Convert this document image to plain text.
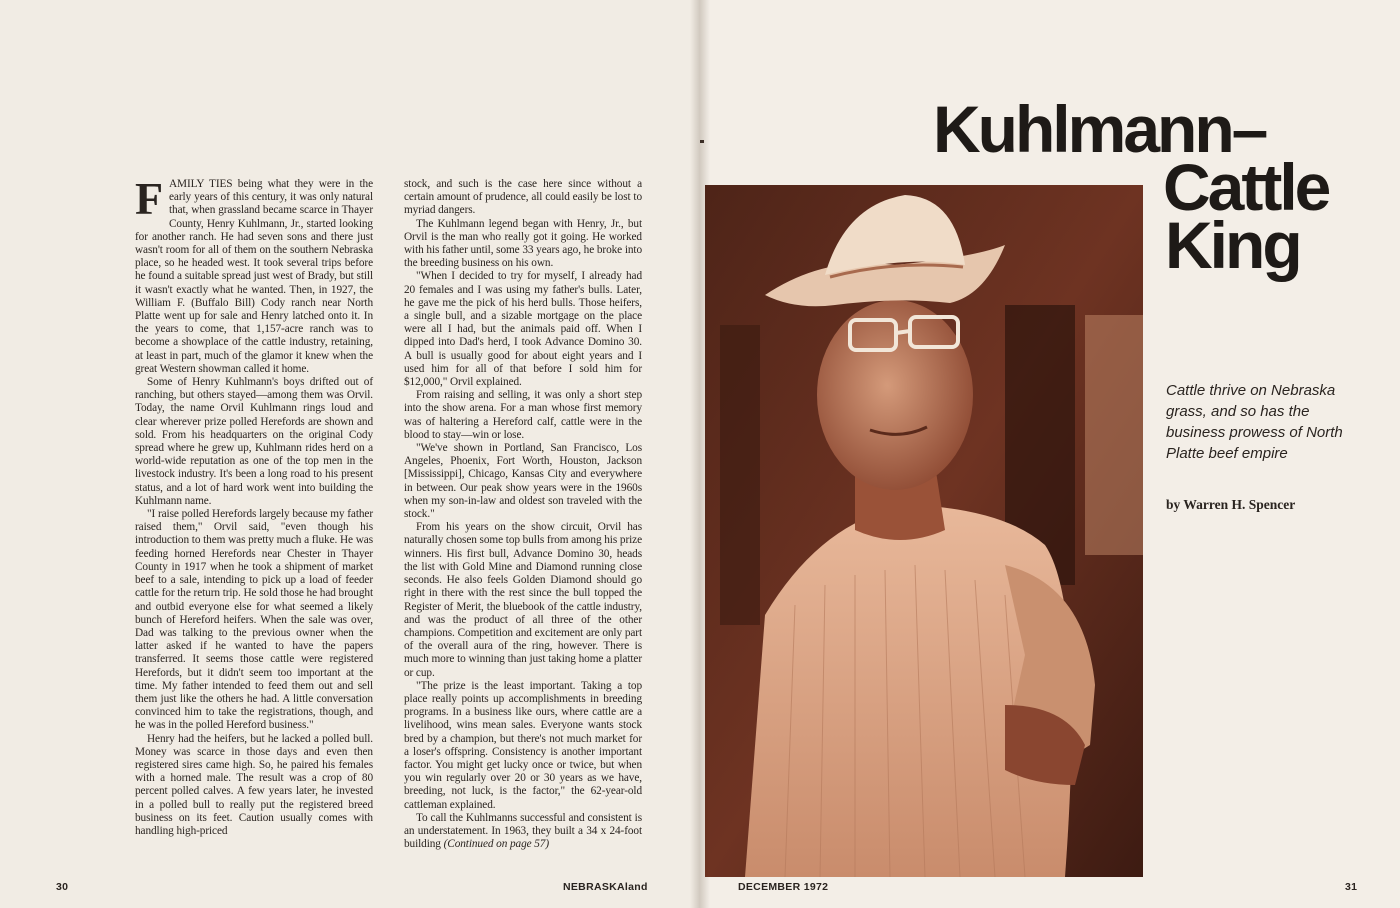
FAMILY TIES being what they were in the early years of this century, it was only natural that, when grassland became scarce in Thayer County, Henry Kuhlmann, Jr., started looking for another ranch. He had seven sons and there just wasn't room for all of them on the southern Nebraska place, so he headed west. It took several trips before he found a suitable spread just west of Brady, but still it wasn't exactly what he wanted. Then, in 1927, the William F. (Buffalo Bill) Cody ranch near North Platte went up for sale and Henry latched onto it. In the years to come, that 1,157-acre ranch was to become a showplace of the cattle industry, retaining, at least in part, much of the glamor it knew when the great Western showman called it home.

Some of Henry Kuhlmann's boys drifted out of ranching, but others stayed—among them was Orvil. Today, the name Orvil Kuhlmann rings loud and clear wherever prize polled Herefords are shown and sold. From his headquarters on the original Cody spread where he grew up, Kuhlmann rides herd on a world-wide reputation as one of the top men in the livestock industry. It's been a long road to his present status, and a lot of hard work went into building the Kuhlmann name.

"I raise polled Herefords largely because my father raised them," Orvil said, "even though his introduction to them was pretty much a fluke. He was feeding horned Herefords near Chester in Thayer County in 1917 when he took a shipment of market beef to a sale, intending to pick up a load of feeder cattle for the return trip. He sold those he had brought and outbid everyone else for what seemed a likely bunch of Hereford heifers. When the sale was over, Dad was talking to the previous owner when the latter asked if he wanted to have the papers transferred. It seems those cattle were registered Herefords, but it didn't seem too important at the time. My father intended to feed them out and sell them just like the others he had. A little conversation convinced him to take the registrations, though, and he was in the polled Hereford business."

Henry had the heifers, but he lacked a polled bull. Money was scarce in those days and even then registered sires came high. So, he paired his females with a horned male. The result was a crop of 80 percent polled calves. A few years later, he invested in a polled bull to really put the registered breed business on its feet. Caution usually comes with handling high-priced

stock, and such is the case here since without a certain amount of prudence, all could easily be lost to myriad dangers.

The Kuhlmann legend began with Henry, Jr., but Orvil is the man who really got it going. He worked with his father until, some 33 years ago, he broke into the breeding business on his own.

"When I decided to try for myself, I already had 20 females and I was using my father's bulls. Later, he gave me the pick of his herd bulls. Those heifers, a single bull, and a sizable mortgage on the place were all I had, but the animals paid off. When I dipped into Dad's herd, I took Advance Domino 30. A bull is usually good for about eight years and I used him for all of that before I sold him for $12,000," Orvil explained.

From raising and selling, it was only a short step into the show arena. For a man whose first memory was of haltering a Hereford calf, cattle were in the blood to stay—win or lose.

"We've shown in Portland, San Francisco, Los Angeles, Phoenix, Fort Worth, Houston, Jackson [Mississippi], Chicago, Kansas City and everywhere in between. Our peak show years were in the 1960s when my son-in-law and oldest son traveled with the stock."

From his years on the show circuit, Orvil has naturally chosen some top bulls from among his prize winners. His first bull, Advance Domino 30, heads the list with Gold Mine and Diamond running close seconds. He also feels Golden Diamond should go right in there with the rest since the bull topped the Register of Merit, the bluebook of the cattle industry, and was the product of all three of the other champions. Competition and excitement are only part of the overall aura of the ring, however. There is much more to winning than just taking home a platter or cup.

"The prize is the least important. Taking a top place really points up accomplishments in breeding programs. In a business like ours, where cattle are a livelihood, wins mean sales. Everyone wants stock bred by a champion, but there's not much market for a loser's offspring. Consistency is another important factor. You might get lucky once or twice, but when you win regularly over 20 or 30 years as we have, breeding, not luck, is the factor," the 62-year-old cattleman explained.

To call the Kuhlmanns successful and consistent is an understatement. In 1963, they built a 34 x 24-foot building (Continued on page 57)

30	NEBRASKAland
Kuhlmann–
Cattle
King
Cattle thrive on Nebraska grass, and so has the business prowess of North Platte beef empire
by Warren H. Spencer
DECEMBER 1972	31
